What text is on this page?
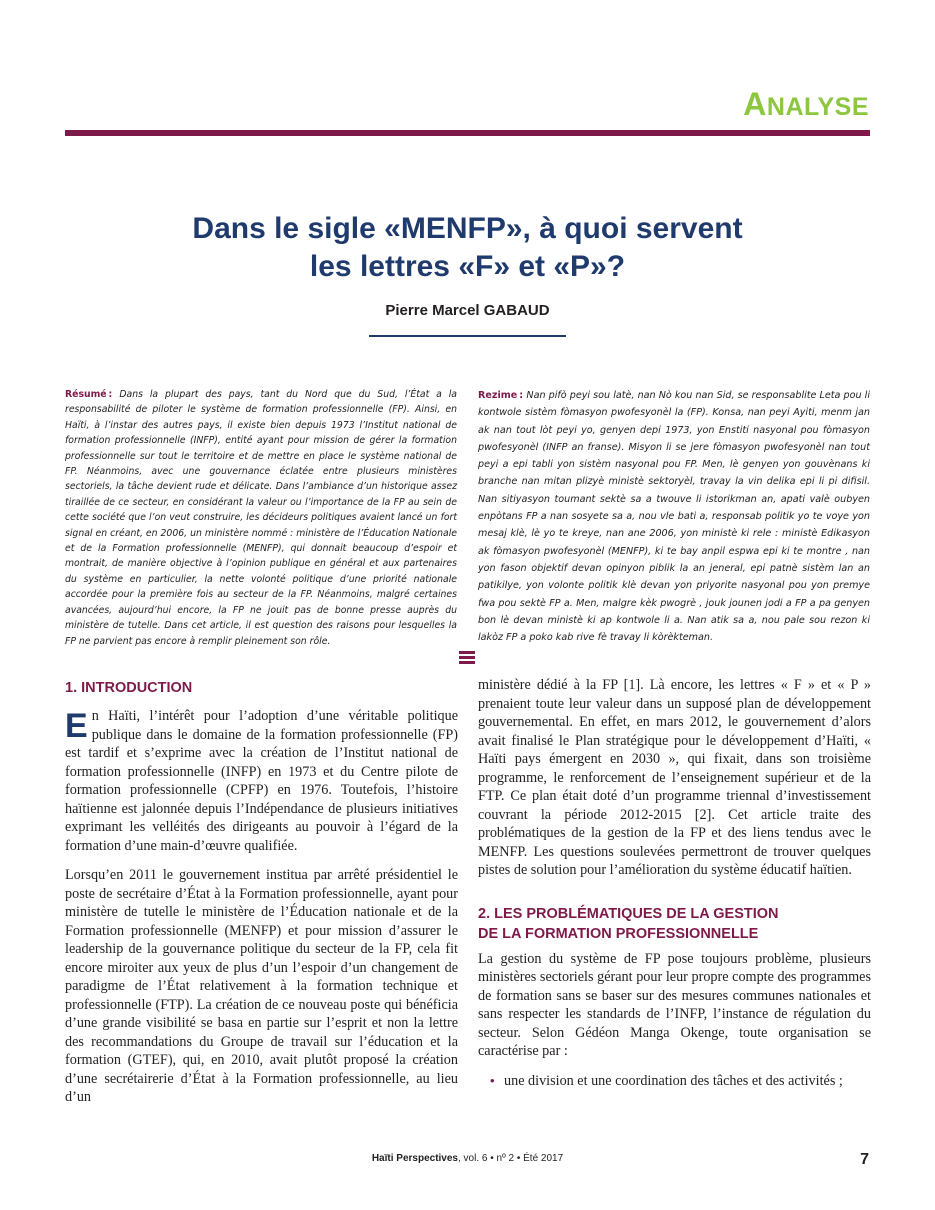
ANALYSE
Dans le sigle «MENFP», à quoi servent
les lettres «F» et «P»?
Pierre Marcel GABAUD
Résumé : Dans la plupart des pays, tant du Nord que du Sud, l’État a la responsabilité de piloter le système de formation professionnelle (FP). Ainsi, en Haïti, à l’instar des autres pays, il existe bien depuis 1973 l’Institut national de formation professionnelle (INFP), entité ayant pour mission de gérer la formation professionnelle sur tout le territoire et de mettre en place le système national de FP. Néanmoins, avec une gouvernance éclatée entre plusieurs ministères sectoriels, la tâche devient rude et délicate. Dans l’ambiance d’un historique assez tiraillée de ce secteur, en considérant la valeur ou l’importance de la FP au sein de cette société que l’on veut construire, les décideurs politiques avaient lancé un fort signal en créant, en 2006, un ministère nommé : ministère de l’Éducation Nationale et de la Formation professionnelle (MENFP), qui donnait beaucoup d’espoir et montrait, de manière objective à l’opinion publique en général et aux partenaires du système en particulier, la nette volonté politique d’une priorité nationale accordée pour la première fois au secteur de la FP. Néanmoins, malgré certaines avancées, aujourd’hui encore, la FP ne jouit pas de bonne presse auprès du ministère de tutelle. Dans cet article, il est question des raisons pour lesquelles la FP ne parvient pas encore à remplir pleinement son rôle.
Rezime : Nan pifò peyi sou latè, nan Nò kou nan Sid, se responsablite Leta pou li kontwole sistèm fòmasyon pwofesyonèl la (FP). Konsa, nan peyi Ayiti, menm jan ak nan tout lòt peyi yo, genyen depi 1973, yon Enstiti nasyonal pou fòmasyon pwofesyonèl (INFP an franse). Misyon li se jere fòmasyon pwofesyonèl nan tout peyi a epi tabli yon sistèm nasyonal pou FP. Men, lè genyen yon gouvènans ki branche nan mitan plizyè ministè sektoryèl, travay la vin delika epi li pi difisil. Nan sitiyasyon toumant sektè sa a twouve li istorikman an, apati valè oubyen enpòtans FP a nan sosyete sa a, nou vle bati a, responsab politik yo te voye yon mesaj klè, lè yo te kreye, nan ane 2006, yon ministè ki rele : ministè Edikasyon ak fòmasyon pwofesyonèl (MENFP), ki te bay anpil espwa epi ki te montre , nan yon fason objektif devan opinyon piblik la an jeneral, epi patnè sistèm lan an patikilye, yon volonte politik klè devan yon priyorite nasyonal pou yon premye fwa pou sektè FP a. Men, malgre kèk pwogrè , jouk jounen jodi a FP a pa genyen bon lè devan ministè ki ap kontwole li a. Nan atik sa a, nou pale sou rezon ki lakòz FP a poko kab rive fè travay li kòrèkteman.
1. INTRODUCTION

En Haïti, l’intérêt pour l’adoption d’une véritable politique publique dans le domaine de la formation professionnelle (FP) est tardif et s’exprime avec la création de l’Institut national de formation professionnelle (INFP) en 1973 et du Centre pilote de formation professionnelle (CPFP) en 1976. Toutefois, l’histoire haïtienne est jalonnée depuis l’Indépendance de plusieurs initiatives exprimant les velléités des dirigeants au pouvoir à l’égard de la formation d’une main-d’œuvre qualifiée.

Lorsqu’en 2011 le gouvernement institua par arrêté présidentiel le poste de secrétaire d’État à la Formation professionnelle, ayant pour ministère de tutelle le ministère de l’Éducation nationale et de la Formation professionnelle (MENFP) et pour mission d’assurer le leadership de la gouvernance politique du secteur de la FP, cela fit encore miroiter aux yeux de plus d’un l’espoir d’un changement de paradigme de l’État relativement à la formation technique et professionnelle (FTP). La création de ce nouveau poste qui bénéficia d’une grande visibilité se basa en partie sur l’esprit et non la lettre des recommandations du Groupe de travail sur l’éducation et la formation (GTEF), qui, en 2010, avait plutôt proposé la création d’une secrétairerie d’État à la Formation professionnelle, au lieu d’un

ministère dédié à la FP [1]. Là encore, les lettres « F » et « P » prenaient toute leur valeur dans un supposé plan de développement gouvernemental. En effet, en mars 2012, le gouvernement d’alors avait finalisé le Plan stratégique pour le développement d’Haïti, « Haïti pays émergent en 2030 », qui fixait, dans son troisième programme, le renforcement de l’enseignement supérieur et de la FTP. Ce plan était doté d’un programme triennal d’investissement couvrant la période 2012-2015 [2]. Cet article traite des problématiques de la gestion de la FP et des liens tendus avec le MENFP. Les questions soulevées permettront de trouver quelques pistes de solution pour l’amélioration du système éducatif haïtien.

2. LES PROBLÉMATIQUES DE LA GESTION
DE LA FORMATION PROFESSIONNELLE

La gestion du système de FP pose toujours problème, plusieurs ministères sectoriels gérant pour leur propre compte des programmes de formation sans se baser sur des mesures communes nationales et sans respecter les standards de l’INFP, l’instance de régulation du secteur. Selon Gédéon Manga Okenge, toute organisation se caractérise par :

• une division et une coordination des tâches et des activités ;
Haïti Perspectives, vol. 6 • nº 2 • Été 2017	7
